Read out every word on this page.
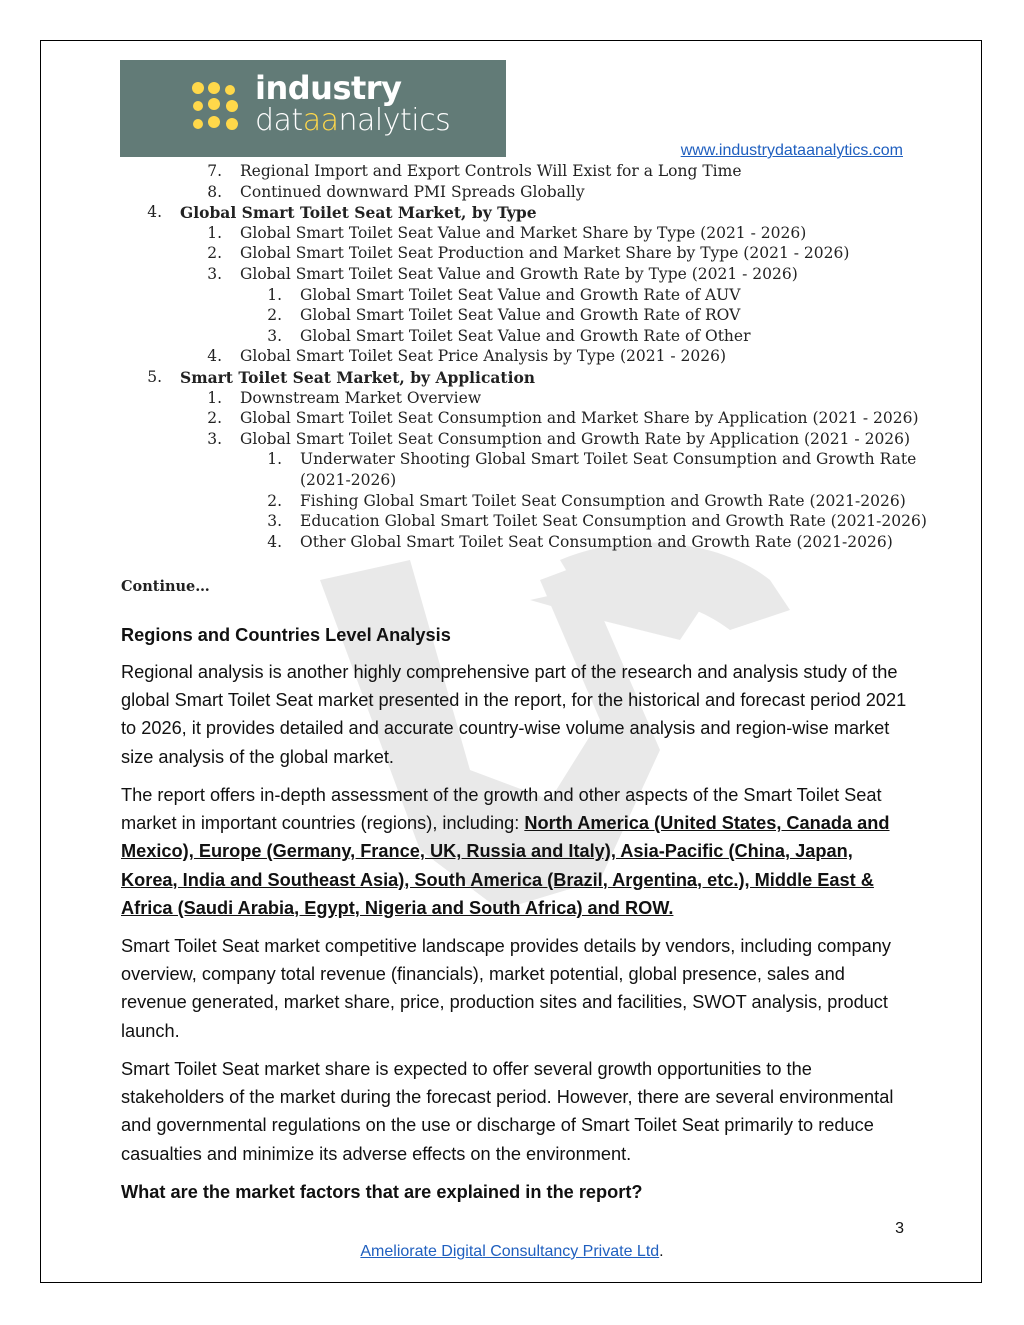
industry
dataanalytics
www.industrydataanalytics.com
7. Regional Import and Export Controls Will Exist for a Long Time
8. Continued downward PMI Spreads Globally
4. Global Smart Toilet Seat Market, by Type
1. Global Smart Toilet Seat Value and Market Share by Type (2021 - 2026)
2. Global Smart Toilet Seat Production and Market Share by Type (2021 - 2026)
3. Global Smart Toilet Seat Value and Growth Rate by Type (2021 - 2026)
1. Global Smart Toilet Seat Value and Growth Rate of AUV
2. Global Smart Toilet Seat Value and Growth Rate of ROV
3. Global Smart Toilet Seat Value and Growth Rate of Other
4. Global Smart Toilet Seat Price Analysis by Type (2021 - 2026)
5. Smart Toilet Seat Market, by Application
1. Downstream Market Overview
2. Global Smart Toilet Seat Consumption and Market Share by Application (2021 - 2026)
3. Global Smart Toilet Seat Consumption and Growth Rate by Application (2021 - 2026)
1. Underwater Shooting Global Smart Toilet Seat Consumption and Growth Rate
(2021-2026)
2. Fishing Global Smart Toilet Seat Consumption and Growth Rate (2021-2026)
3. Education Global Smart Toilet Seat Consumption and Growth Rate (2021-2026)
4. Other Global Smart Toilet Seat Consumption and Growth Rate (2021-2026)
Continue…
Regions and Countries Level Analysis
Regional analysis is another highly comprehensive part of the research and analysis study of the global Smart Toilet Seat market presented in the report, for the historical and forecast period 2021 to 2026, it provides detailed and accurate country-wise volume analysis and region-wise market size analysis of the global market.
The report offers in-depth assessment of the growth and other aspects of the Smart Toilet Seat market in important countries (regions), including: North America (United States, Canada and Mexico), Europe (Germany, France, UK, Russia and Italy), Asia-Pacific (China, Japan, Korea, India and Southeast Asia), South America (Brazil, Argentina, etc.), Middle East & Africa (Saudi Arabia, Egypt, Nigeria and South Africa) and ROW.
Smart Toilet Seat market competitive landscape provides details by vendors, including company overview, company total revenue (financials), market potential, global presence, sales and revenue generated, market share, price, production sites and facilities, SWOT analysis, product launch.
Smart Toilet Seat market share is expected to offer several growth opportunities to the stakeholders of the market during the forecast period. However, there are several environmental and governmental regulations on the use or discharge of Smart Toilet Seat primarily to reduce casualties and minimize its adverse effects on the environment.
What are the market factors that are explained in the report?
3
Ameliorate Digital Consultancy Private Ltd.
